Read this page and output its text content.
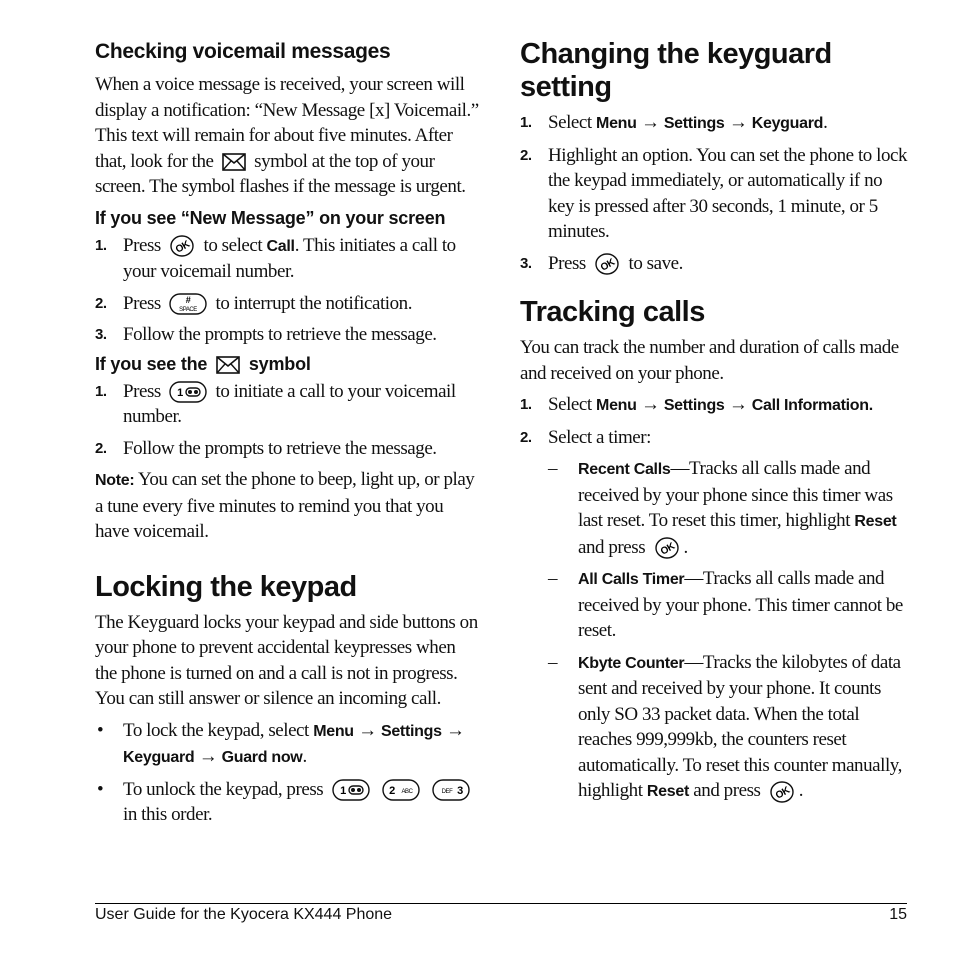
Checking voicemail messages
When a voice message is received, your screen will display a notification: “New Message [x] Voicemail.” This text will remain for about five minutes. After that, look for the symbol at the top of your screen. The symbol flashes if the message is urgent.
If you see “New Message” on your screen
1. Press OK to select Call. This initiates a call to your voicemail number.
2. Press	#
SPACE to interrupt the notification.
3. Follow the prompts to retrieve the message.
If you see the symbol
1. Press 1 to initiate a call to your voicemail number.
2. Follow the prompts to retrieve the message.

Note: You can set the phone to beep, light up, or play a tune every five minutes to remind you that you have voicemail.

Locking the keypad

The Keyguard locks your keypad and side buttons on your phone to prevent accidental keypresses when the phone is turned on and a call is not in progress. You can still answer or silence an incoming call.

• To lock the keypad, select Menu → Settings → Keyguard → Guard now.
• To unlock the keypad, press 1
	2 ABC
	DEF 3
in this order.
Changing the keyguard setting
1. Select Menu → Settings → Keyguard.
2. Highlight an option. You can set the phone to lock the keypad immediately, or automatically if no key is pressed after 30 seconds, 1 minute, or 5 minutes.
3. Press OK to save.
Tracking calls

You can track the number and duration of calls made and received on your phone.

1. Select Menu → Settings → Call Information.
2. Select a timer:
– Recent Calls—Tracks all calls made and received by your phone since this timer was last reset. To reset this timer, highlight Reset and press OK .
– All Calls Timer—Tracks all calls made and received by your phone. This timer cannot be reset.
– Kbyte Counter—Tracks the kilobytes of data sent and received by your phone. It counts only SO 33 packet data. When the total reaches 999,999kb, the counters reset automatically. To reset this counter manually, highlight Reset and press OK .
User Guide for the Kyocera KX444 Phone	15
